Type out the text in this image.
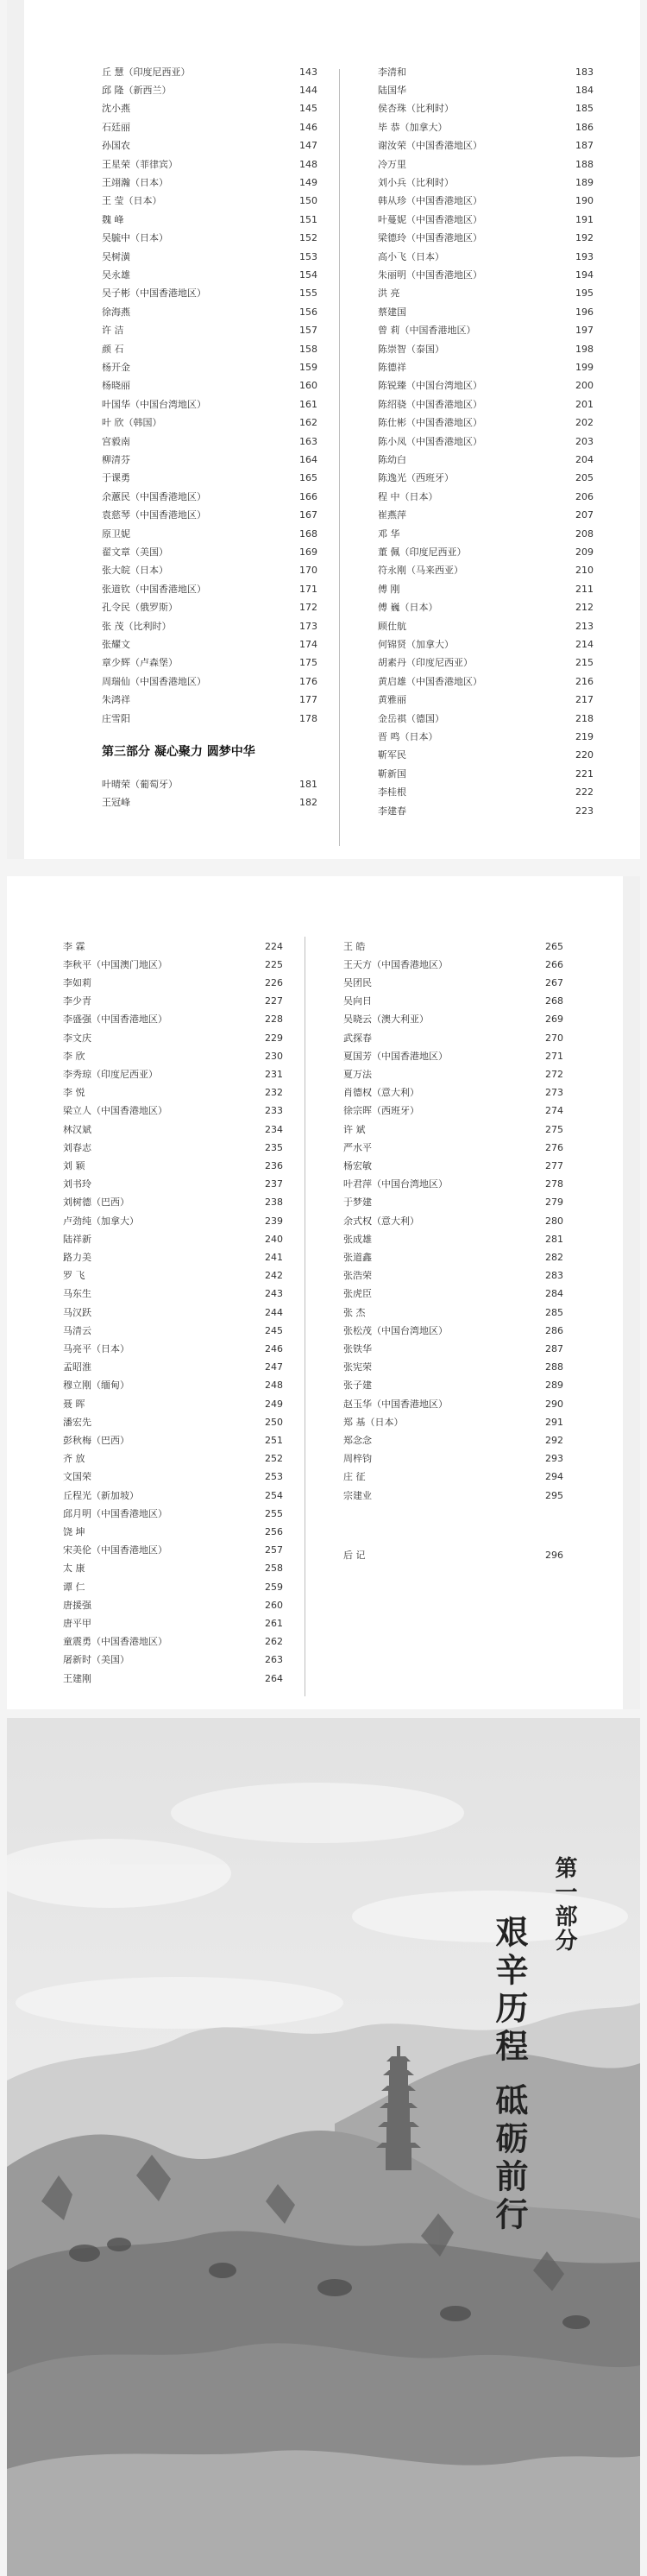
丘 慧（印度尼西亚）	143
邱 隆（新西兰）	144
沈小燕	145
石廷丽	146
孙国农	147
王星荣（菲律宾）	148
王翊瀚（日本）	149
王 莹（日本）	150
魏 峰	151
吴毓中（日本）	152
吴树潢	153
吴永雄	154
吴子彬（中国香港地区）	155
徐海燕	156
许 洁	157
颜 石	158
杨开金	159
杨晓丽	160
叶国华（中国台湾地区）	161
叶 欣（韩国）	162
宫毅南	163
柳清芬	164
于课勇	165
余蕙民（中国香港地区）	166
袁慈琴（中国香港地区）	167
原卫妮	168
翟文章（美国）	169
张大皖（日本）	170
张道钦（中国香港地区）	171
孔令民（俄罗斯）	172
张 茂（比利时）	173
张耀文	174
章少辉（卢森堡）	175
周瑞仙（中国香港地区）	176
朱鸿祥	177
庄雪阳	178
叶晴荣（葡萄牙）	181
王冠峰	182
李清和	183
陆国华	184
侯杏珠（比利时）	185
毕 恭（加拿大）	186
谢汝荣（中国香港地区）	187
冷万里	188
刘小兵（比利时）	189
韩从珍（中国香港地区）	190
叶蔓妮（中国香港地区）	191
梁德玲（中国香港地区）	192
高小飞（日本）	193
朱丽明（中国香港地区）	194
洪 亮	195
蔡建国	196
曾 莉（中国香港地区）	197
陈崇智（泰国）	198
陈德祥	199
陈锐臻（中国台湾地区）	200
陈绍骁（中国香港地区）	201
陈仕彬（中国香港地区）	202
陈小凤（中国香港地区）	203
陈幼白	204
陈逸光（西班牙）	205
程 中（日本）	206
崔燕萍	207
邓 华	208
董 佩（印度尼西亚）	209
符永刚（马来西亚）	210
傅 刚	211
傅 巍（日本）	212
顾仕航	213
何锦贤（加拿大）	214
胡素丹（印度尼西亚）	215
黄启雄（中国香港地区）	216
黄雅丽	217
金岳祺（德国）	218
晋 鸣（日本）	219
靳军民	220
靳新国	221
李桂根	222
李建春	223
第三部分 凝心聚力 圆梦中华
李 霖	224
李秋平（中国澳门地区）	225
李如莉	226
李少青	227
李盛强（中国香港地区）	228
李文庆	229
李 欣	230
李秀琼（印度尼西亚）	231
李 悦	232
梁立人（中国香港地区）	233
林汉斌	234
刘春志	235
刘 颖	236
刘书玲	237
刘树德（巴西）	238
卢劲纯（加拿大）	239
陆祥新	240
路力美	241
罗 飞	242
马东生	243
马汉跃	244
马清云	245
马亮平（日本）	246
孟昭淮	247
穆立刚（缅甸）	248
聂 晖	249
潘宏先	250
彭秋梅（巴西）	251
齐 放	252
文国荣	253
丘程光（新加坡）	254
邱月明（中国香港地区）	255
饶 坤	256
宋美伦（中国香港地区）	257
太 康	258
谭 仁	259
唐援强	260
唐平甲	261
童震勇（中国香港地区）	262
屠新时（美国）	263
王建刚	264
王 皓	265
王天方（中国香港地区）	266
吴团民	267
吴向日	268
吴晓云（澳大利亚）	269
武探春	270
夏国芳（中国香港地区）	271
夏万法	272
肖德权（意大利）	273
徐宗晖（西班牙）	274
许 斌	275
严水平	276
杨宏敏	277
叶君萍（中国台湾地区）	278
于梦建	279
余式权（意大利）	280
张成雄	281
张道鑫	282
张浩荣	283
张虎臣	284
张 杰	285
张松茂（中国台湾地区）	286
张铁华	287
张宪荣	288
张子建	289
赵玉华（中国香港地区）	290
郑 基（日本）	291
郑念念	292
周梓钧	293
庄 征	294
宗建业	295
后 记	296
第一部分
艰辛历程 砥砺前行
